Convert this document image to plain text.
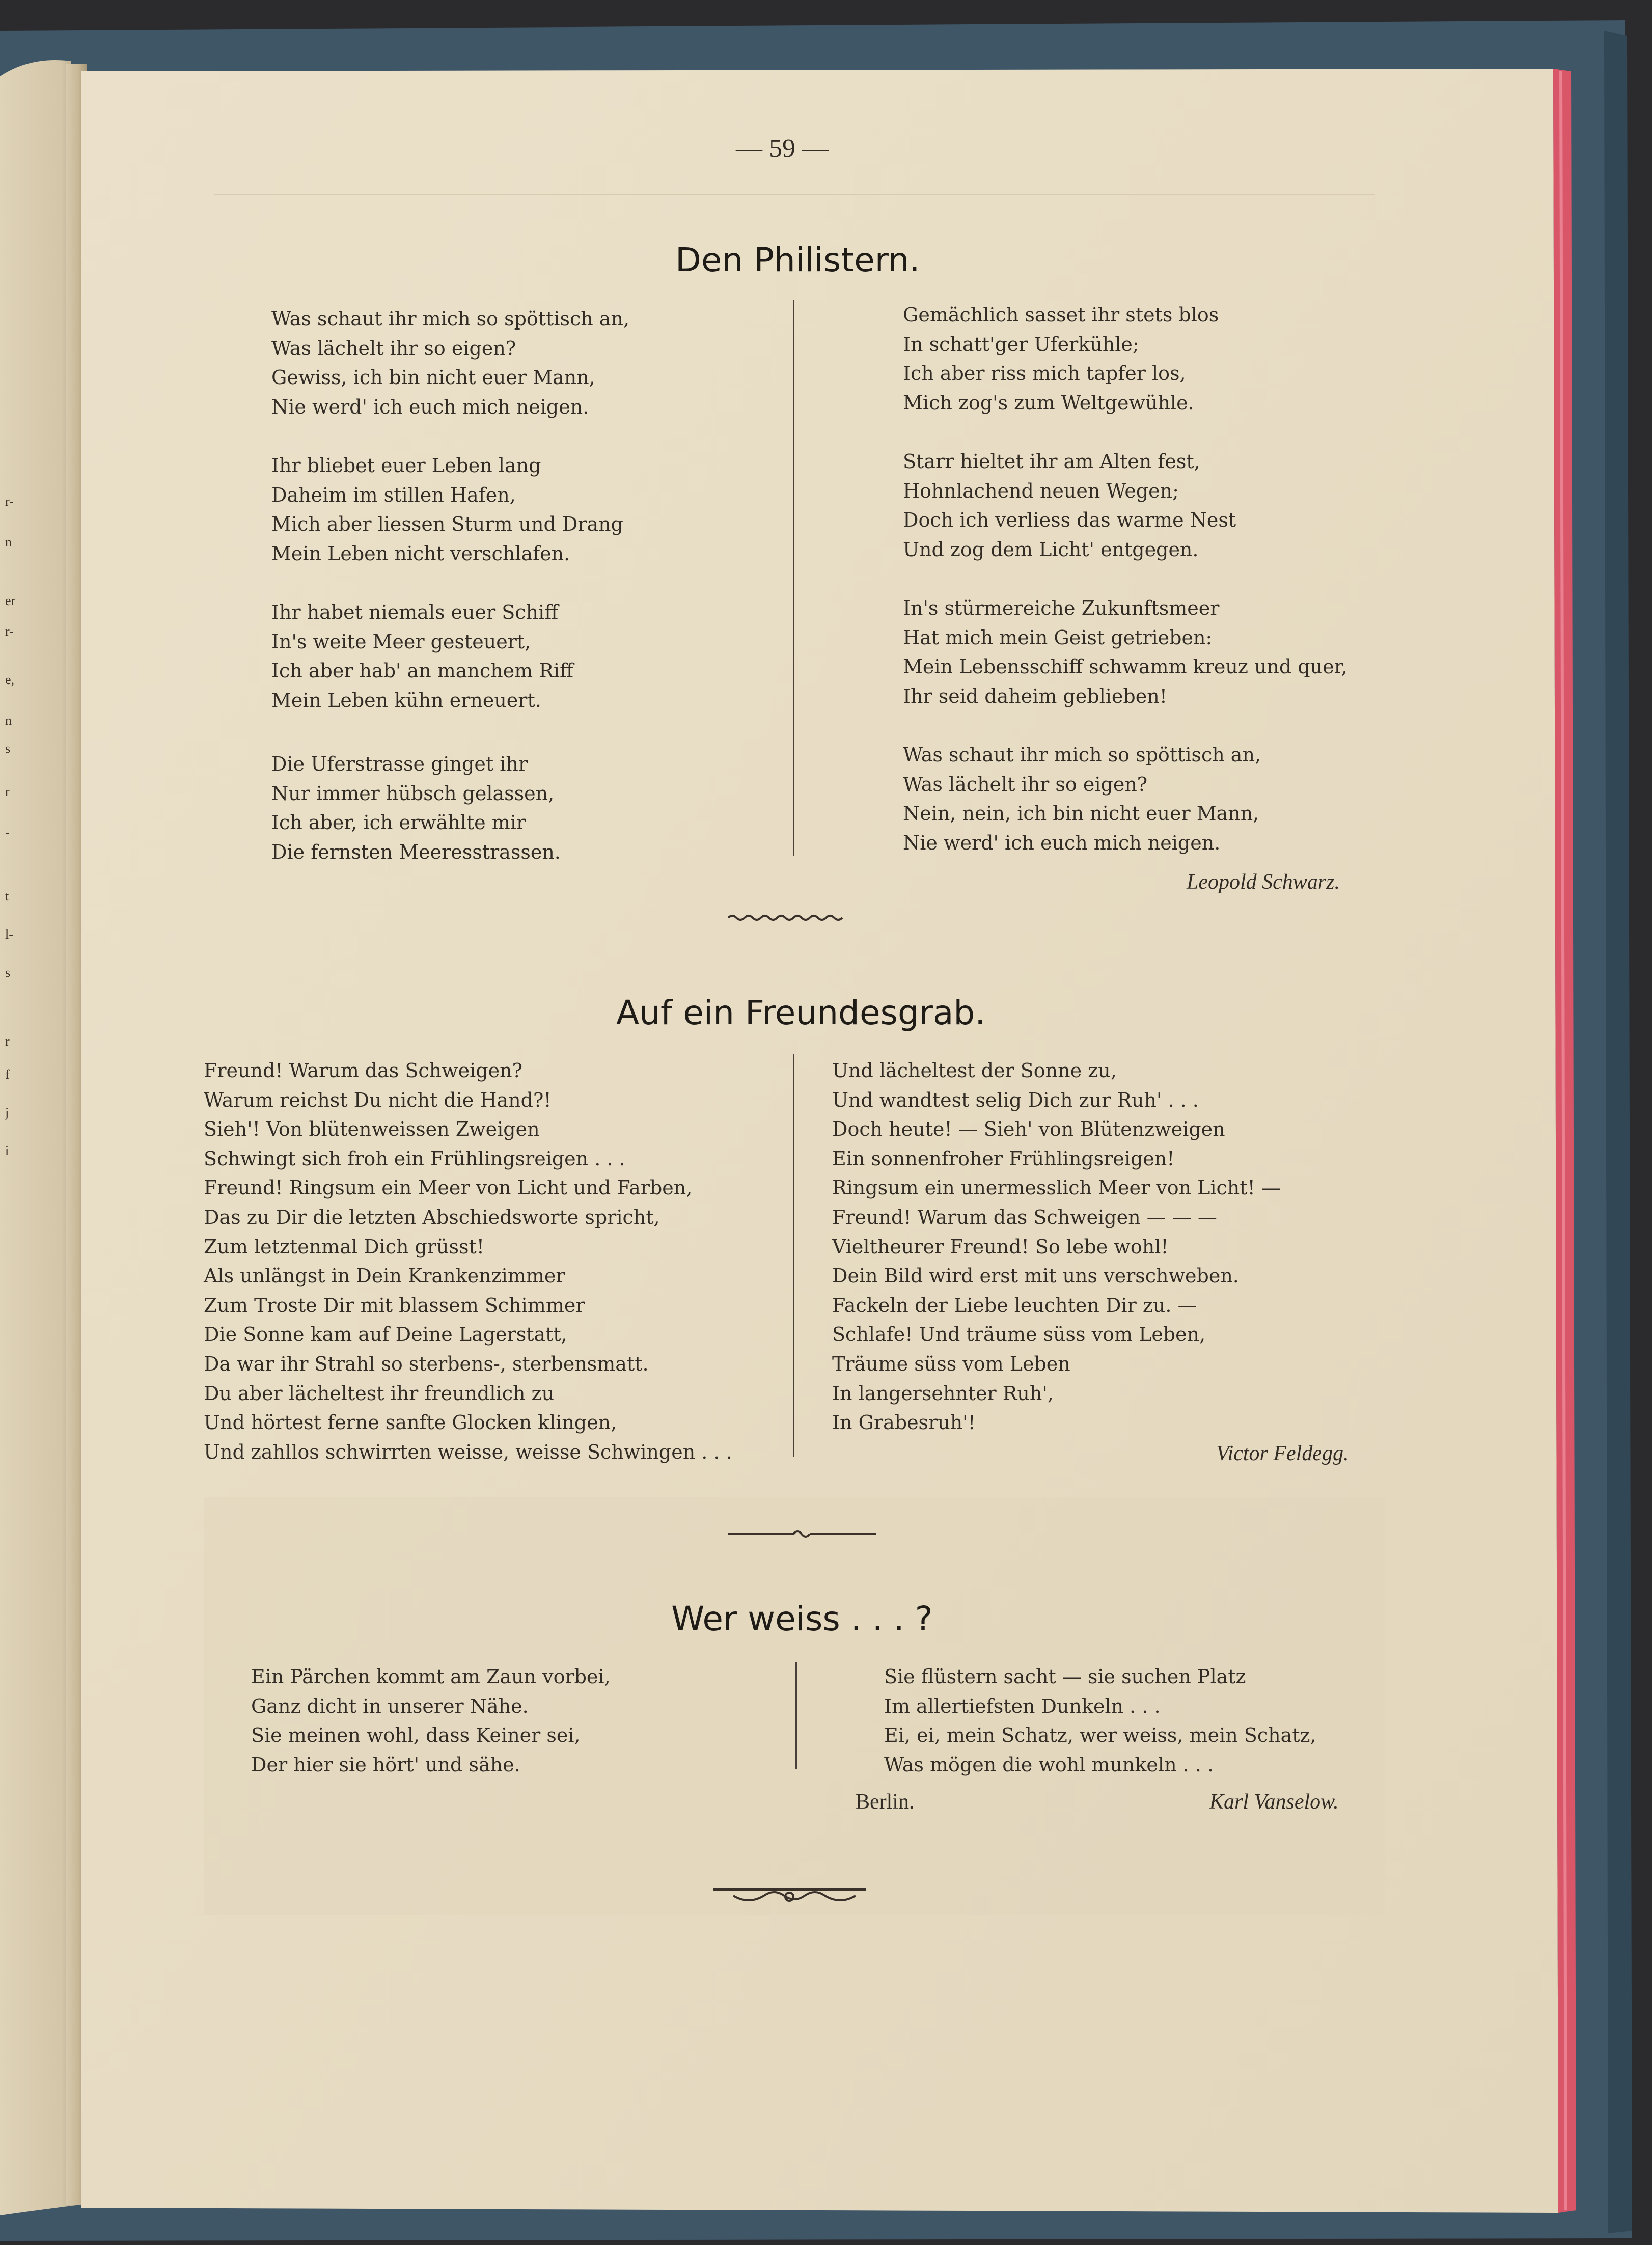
r-
n
er
r-
e,
n
s
r
-
t
l-
s
r
f
j
i
— 59 —
Den Philistern.
Was schaut ihr mich so spöttisch an,
Was lächelt ihr so eigen?
Gewiss, ich bin nicht euer Mann,
Nie werd' ich euch mich neigen.
Ihr bliebet euer Leben lang
Daheim im stillen Hafen,
Mich aber liessen Sturm und Drang
Mein Leben nicht verschlafen.
Ihr habet niemals euer Schiff
In's weite Meer gesteuert,
Ich aber hab' an manchem Riff
Mein Leben kühn erneuert.
Die Uferstrasse ginget ihr
Nur immer hübsch gelassen,
Ich aber, ich erwählte mir
Die fernsten Meeresstrassen.
Gemächlich sasset ihr stets blos
In schatt'ger Uferkühle;
Ich aber riss mich tapfer los,
Mich zog's zum Weltgewühle.
Starr hieltet ihr am Alten fest,
Hohnlachend neuen Wegen;
Doch ich verliess das warme Nest
Und zog dem Licht' entgegen.
In's stürmereiche Zukunftsmeer
Hat mich mein Geist getrieben:
Mein Lebensschiff schwamm kreuz und quer,
Ihr seid daheim geblieben!
Was schaut ihr mich so spöttisch an,
Was lächelt ihr so eigen?
Nein, nein, ich bin nicht euer Mann,
Nie werd' ich euch mich neigen.
Leopold Schwarz.
Auf ein Freundesgrab.
Freund! Warum das Schweigen?
Warum reichst Du nicht die Hand?!
Sieh'! Von blütenweissen Zweigen
Schwingt sich froh ein Frühlingsreigen . . .
Freund! Ringsum ein Meer von Licht und Farben,
Das zu Dir die letzten Abschiedsworte spricht,
Zum letztenmal Dich grüsst!
Als unlängst in Dein Krankenzimmer
Zum Troste Dir mit blassem Schimmer
Die Sonne kam auf Deine Lagerstatt,
Da war ihr Strahl so sterbens-, sterbensmatt.
Du aber lächeltest ihr freundlich zu
Und hörtest ferne sanfte Glocken klingen,
Und zahllos schwirrten weisse, weisse Schwingen . . .
Und lächeltest der Sonne zu,
Und wandtest selig Dich zur Ruh' . . .
Doch heute! — Sieh' von Blütenzweigen
Ein sonnenfroher Frühlingsreigen!
Ringsum ein unermesslich Meer von Licht! —
Freund! Warum das Schweigen — — —
Vieltheurer Freund! So lebe wohl!
Dein Bild wird erst mit uns verschweben.
Fackeln der Liebe leuchten Dir zu. —
Schlafe! Und träume süss vom Leben,
Träume süss vom Leben
In langersehnter Ruh',
In Grabesruh'!
Victor Feldegg.
Wer weiss . . . ?
Ein Pärchen kommt am Zaun vorbei,
Ganz dicht in unserer Nähe.
Sie meinen wohl, dass Keiner sei,
Der hier sie hört' und sähe.
Sie flüstern sacht — sie suchen Platz
Im allertiefsten Dunkeln . . .
Ei, ei, mein Schatz, wer weiss, mein Schatz,
Was mögen die wohl munkeln . . .
Berlin.	Karl Vanselow.
